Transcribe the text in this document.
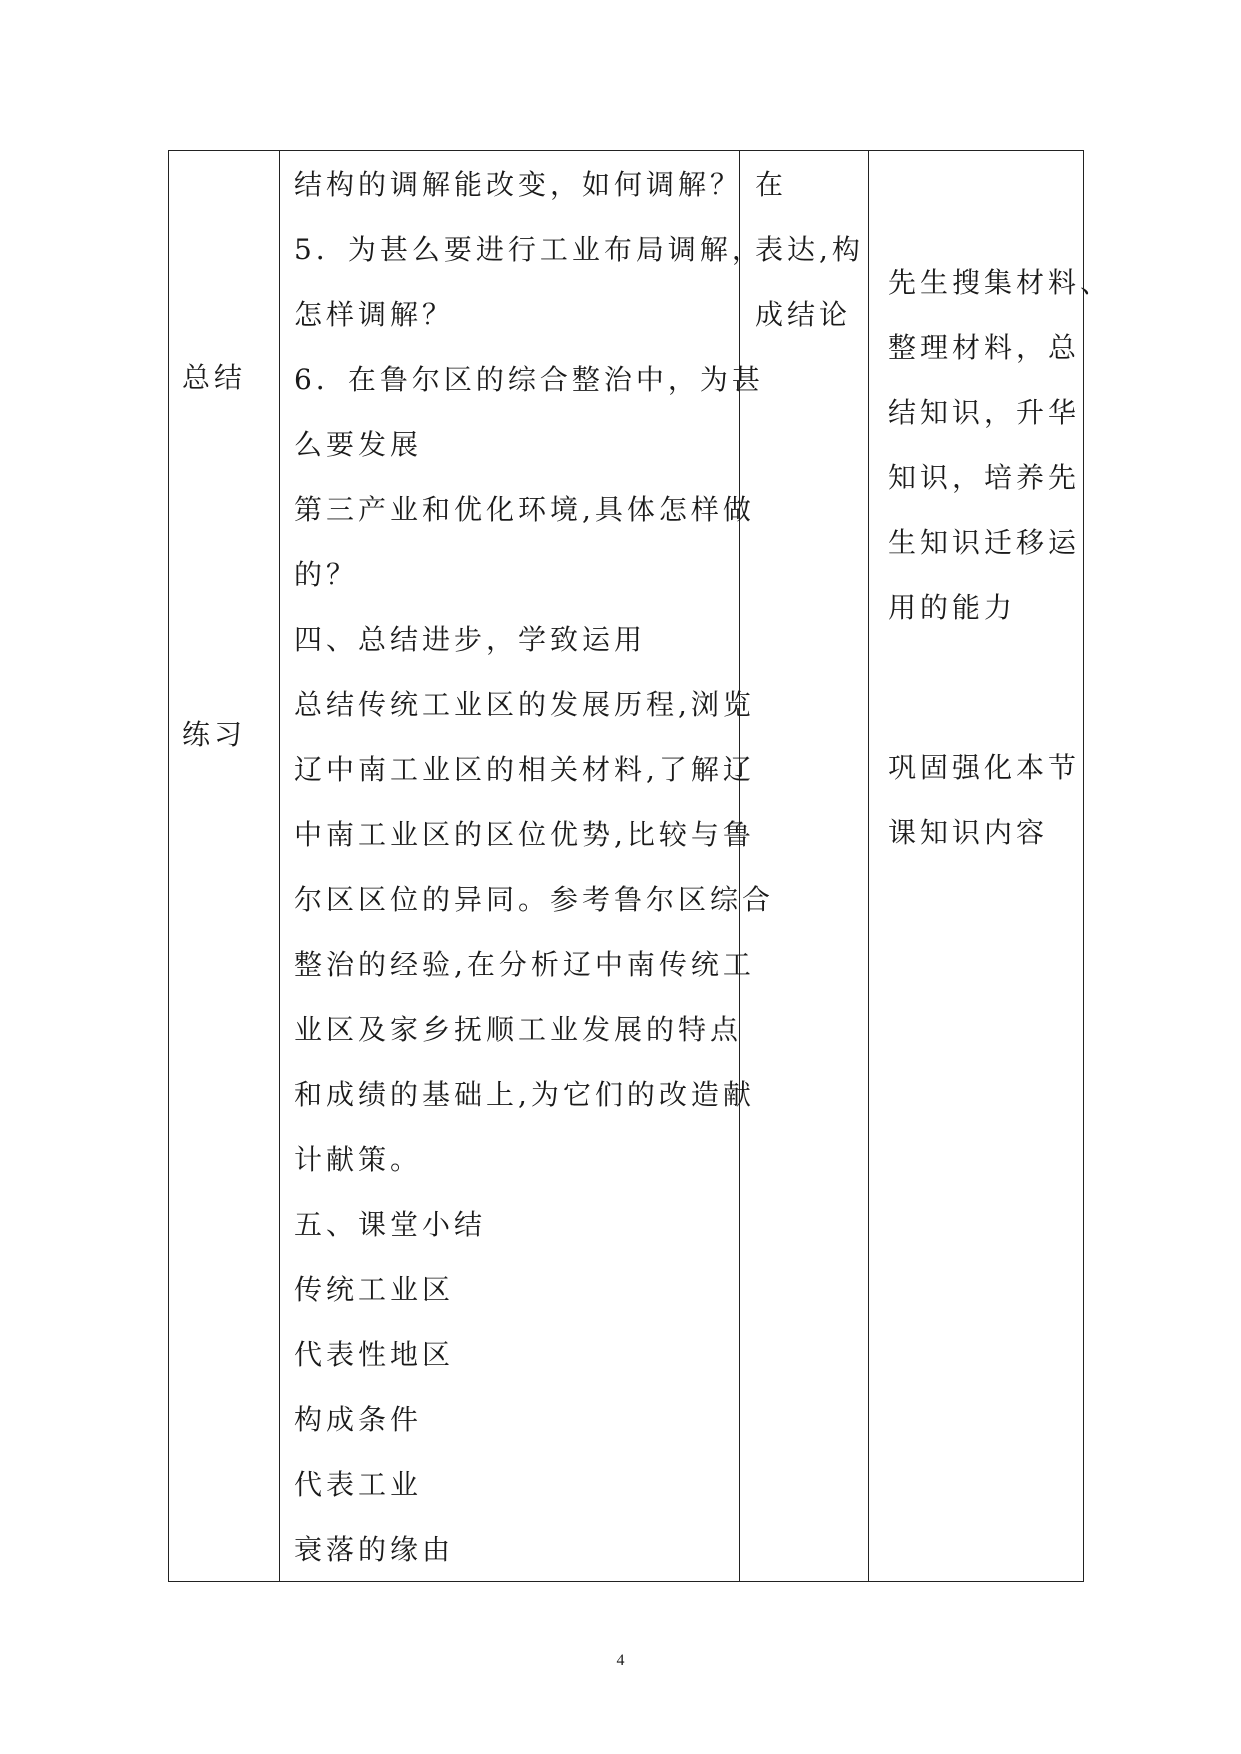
总结
练习
结构的调解能改变，如何调解？
5．为甚么要进行工业布局调解，
怎样调解？
6．在鲁尔区的综合整治中，为甚
么要发展
第三产业和优化环境,具体怎样做
的？
四、总结进步，学致运用
总结传统工业区的发展历程,浏览
辽中南工业区的相关材料,了解辽
中南工业区的区位优势,比较与鲁
尔区区位的异同。参考鲁尔区综合
整治的经验,在分析辽中南传统工
业区及家乡抚顺工业发展的特点
和成绩的基础上,为它们的改造献
计献策。
五、课堂小结
传统工业区
代表性地区
构成条件
代表工业
衰落的缘由
在
表达,构
成结论
先生搜集材料、
整理材料，总
结知识，升华
知识，培养先
生知识迁移运
用的能力
巩固强化本节
课知识内容
4
